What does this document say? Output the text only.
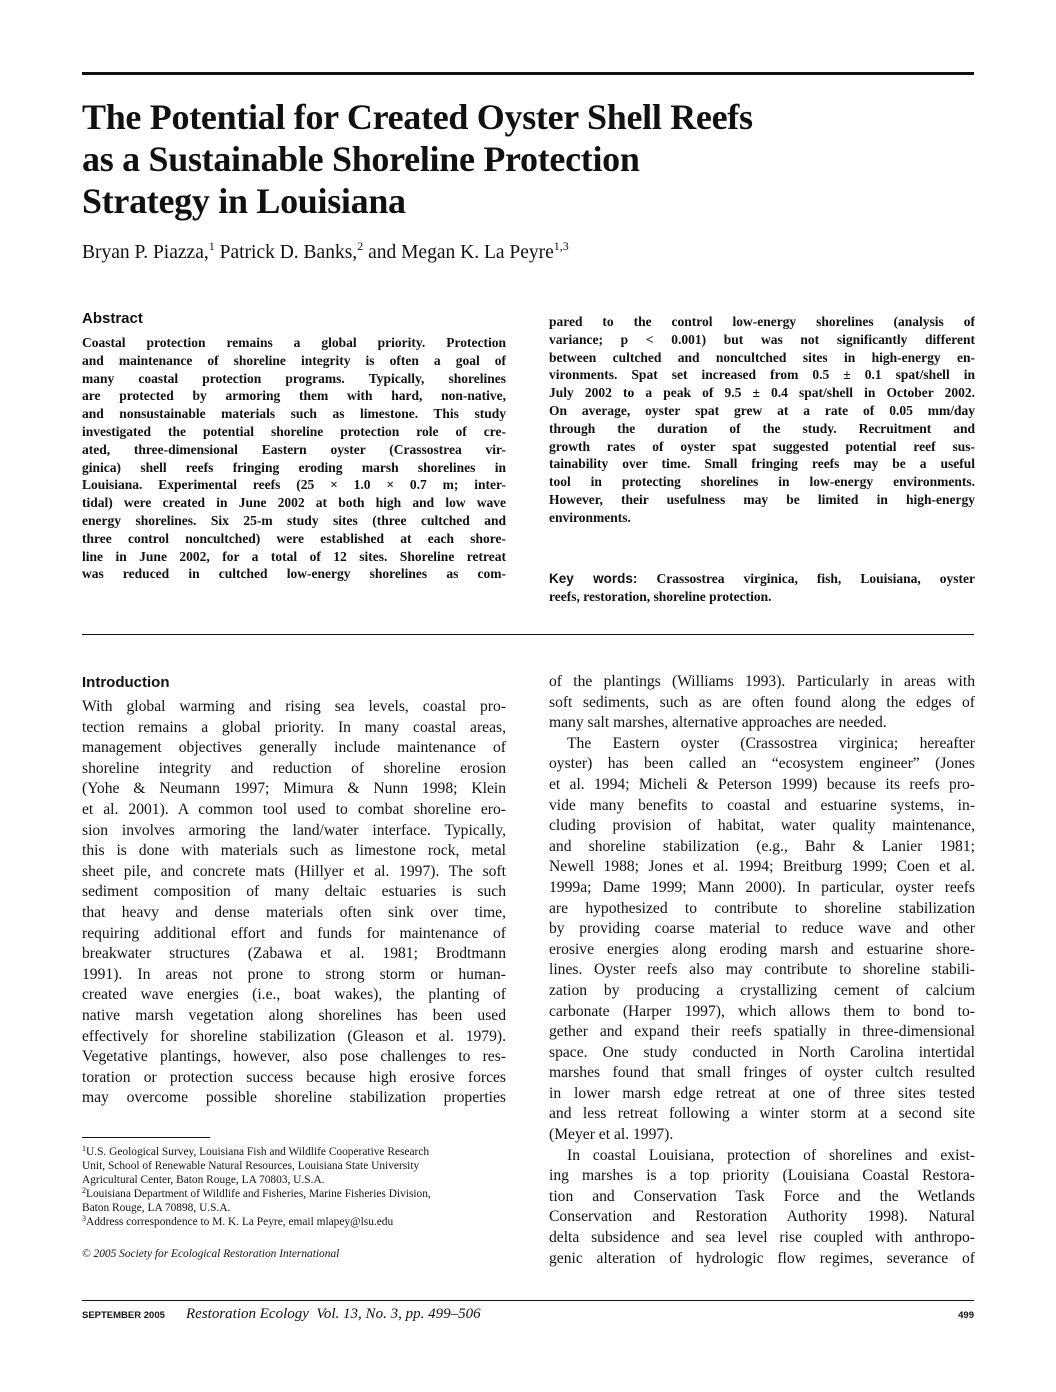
The Potential for Created Oyster Shell Reefs
as a Sustainable Shoreline Protection
Strategy in Louisiana
Bryan P. Piazza,$^1$ Patrick D. Banks,$^2$ and Megan K. La Peyre$^{1,3}$
Abstract
Coastal protection remains a global priority. Protection
and maintenance of shoreline integrity is often a goal of
many coastal protection programs. Typically, shorelines
are protected by armoring them with hard, non-native,
and nonsustainable materials such as limestone. This study
investigated the potential shoreline protection role of cre-
ated, three-dimensional Eastern oyster (Crassostrea vir-
ginica) shell reefs fringing eroding marsh shorelines in
Louisiana. Experimental reefs (25 × 1.0 × 0.7 m; inter-
tidal) were created in June 2002 at both high and low wave
energy shorelines. Six 25-m study sites (three cultched and
three control noncultched) were established at each shore-
line in June 2002, for a total of 12 sites. Shoreline retreat
was reduced in cultched low-energy shorelines as com-
pared to the control low-energy shorelines (analysis of
variance; p < 0.001) but was not significantly different
between cultched and noncultched sites in high-energy en-
vironments. Spat set increased from 0.5 ± 0.1 spat/shell in
July 2002 to a peak of 9.5 ± 0.4 spat/shell in October 2002.
On average, oyster spat grew at a rate of 0.05 mm/day
through the duration of the study. Recruitment and
growth rates of oyster spat suggested potential reef sus-
tainability over time. Small fringing reefs may be a useful
tool in protecting shorelines in low-energy environments.
However, their usefulness may be limited in high-energy
environments.
Key words: Crassostrea virginica, fish, Louisiana, oyster
reefs, restoration, shoreline protection.
Introduction
With global warming and rising sea levels, coastal pro-
tection remains a global priority. In many coastal areas,
management objectives generally include maintenance of
shoreline integrity and reduction of shoreline erosion
(Yohe & Neumann 1997; Mimura & Nunn 1998; Klein
et al. 2001). A common tool used to combat shoreline ero-
sion involves armoring the land/water interface. Typically,
this is done with materials such as limestone rock, metal
sheet pile, and concrete mats (Hillyer et al. 1997). The soft
sediment composition of many deltaic estuaries is such
that heavy and dense materials often sink over time,
requiring additional effort and funds for maintenance of
breakwater structures (Zabawa et al. 1981; Brodtmann
1991). In areas not prone to strong storm or human-
created wave energies (i.e., boat wakes), the planting of
native marsh vegetation along shorelines has been used
effectively for shoreline stabilization (Gleason et al. 1979).
Vegetative plantings, however, also pose challenges to res-
toration or protection success because high erosive forces
may overcome possible shoreline stabilization properties
of the plantings (Williams 1993). Particularly in areas with
soft sediments, such as are often found along the edges of
many salt marshes, alternative approaches are needed.
The Eastern oyster (Crassostrea virginica; hereafter
oyster) has been called an “ecosystem engineer” (Jones
et al. 1994; Micheli & Peterson 1999) because its reefs pro-
vide many benefits to coastal and estuarine systems, in-
cluding provision of habitat, water quality maintenance,
and shoreline stabilization (e.g., Bahr & Lanier 1981;
Newell 1988; Jones et al. 1994; Breitburg 1999; Coen et al.
1999a; Dame 1999; Mann 2000). In particular, oyster reefs
are hypothesized to contribute to shoreline stabilization
by providing coarse material to reduce wave and other
erosive energies along eroding marsh and estuarine shore-
lines. Oyster reefs also may contribute to shoreline stabili-
zation by producing a crystallizing cement of calcium
carbonate (Harper 1997), which allows them to bond to-
gether and expand their reefs spatially in three-dimensional
space. One study conducted in North Carolina intertidal
marshes found that small fringes of oyster cultch resulted
in lower marsh edge retreat at one of three sites tested
and less retreat following a winter storm at a second site
(Meyer et al. 1997).
In coastal Louisiana, protection of shorelines and exist-
ing marshes is a top priority (Louisiana Coastal Restora-
tion and Conservation Task Force and the Wetlands
Conservation and Restoration Authority 1998). Natural
delta subsidence and sea level rise coupled with anthropo-
genic alteration of hydrologic flow regimes, severance of
$^1$U.S. Geological Survey, Louisiana Fish and Wildlife Cooperative Research
Unit, School of Renewable Natural Resources, Louisiana State University
Agricultural Center, Baton Rouge, LA 70803, U.S.A.
$^2$Louisiana Department of Wildlife and Fisheries, Marine Fisheries Division,
Baton Rouge, LA 70898, U.S.A.
$^3$Address correspondence to M. K. La Peyre, email mlapey@lsu.edu
© 2005 Society for Ecological Restoration International
SEPTEMBER 2005 Restoration Ecology  Vol. 13, No. 3, pp. 499–506	499
